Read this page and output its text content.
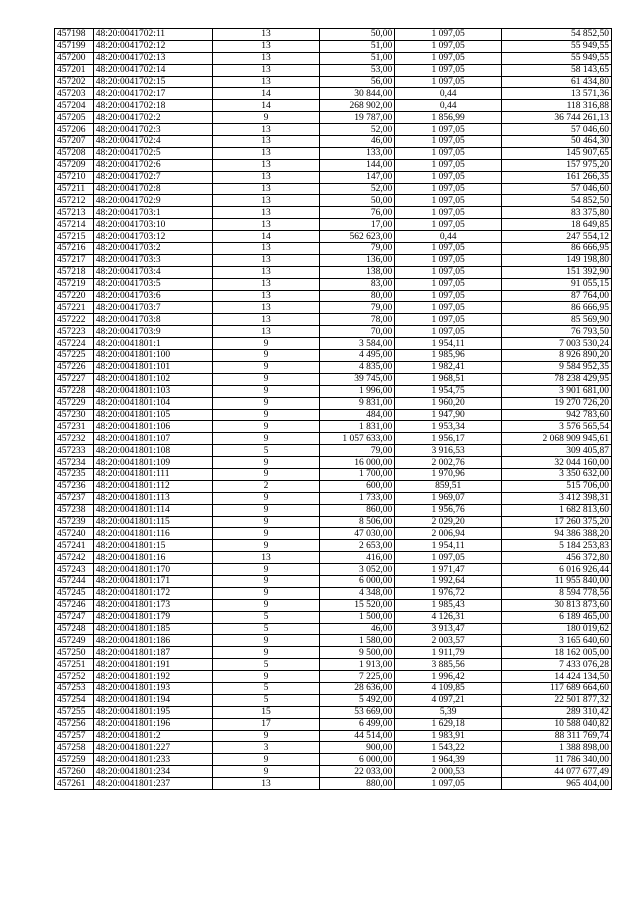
457198	48:20:0041702:11	13	50,00	1 097,05	54 852,50
457199	48:20:0041702:12	13	51,00	1 097,05	55 949,55
457200	48:20:0041702:13	13	51,00	1 097,05	55 949,55
457201	48:20:0041702:14	13	53,00	1 097,05	58 143,65
457202	48:20:0041702:15	13	56,00	1 097,05	61 434,80
457203	48:20:0041702:17	14	30 844,00	0,44	13 571,36
457204	48:20:0041702:18	14	268 902,00	0,44	118 316,88
457205	48:20:0041702:2	9	19 787,00	1 856,99	36 744 261,13
457206	48:20:0041702:3	13	52,00	1 097,05	57 046,60
457207	48:20:0041702:4	13	46,00	1 097,05	50 464,30
457208	48:20:0041702:5	13	133,00	1 097,05	145 907,65
457209	48:20:0041702:6	13	144,00	1 097,05	157 975,20
457210	48:20:0041702:7	13	147,00	1 097,05	161 266,35
457211	48:20:0041702:8	13	52,00	1 097,05	57 046,60
457212	48:20:0041702:9	13	50,00	1 097,05	54 852,50
457213	48:20:0041703:1	13	76,00	1 097,05	83 375,80
457214	48:20:0041703:10	13	17,00	1 097,05	18 649,85
457215	48:20:0041703:12	14	562 623,00	0,44	247 554,12
457216	48:20:0041703:2	13	79,00	1 097,05	86 666,95
457217	48:20:0041703:3	13	136,00	1 097,05	149 198,80
457218	48:20:0041703:4	13	138,00	1 097,05	151 392,90
457219	48:20:0041703:5	13	83,00	1 097,05	91 055,15
457220	48:20:0041703:6	13	80,00	1 097,05	87 764,00
457221	48:20:0041703:7	13	79,00	1 097,05	86 666,95
457222	48:20:0041703:8	13	78,00	1 097,05	85 569,90
457223	48:20:0041703:9	13	70,00	1 097,05	76 793,50
457224	48:20:0041801:1	9	3 584,00	1 954,11	7 003 530,24
457225	48:20:0041801:100	9	4 495,00	1 985,96	8 926 890,20
457226	48:20:0041801:101	9	4 835,00	1 982,41	9 584 952,35
457227	48:20:0041801:102	9	39 745,00	1 968,51	78 238 429,95
457228	48:20:0041801:103	9	1 996,00	1 954,75	3 901 681,00
457229	48:20:0041801:104	9	9 831,00	1 960,20	19 270 726,20
457230	48:20:0041801:105	9	484,00	1 947,90	942 783,60
457231	48:20:0041801:106	9	1 831,00	1 953,34	3 576 565,54
457232	48:20:0041801:107	9	1 057 633,00	1 956,17	2 068 909 945,61
457233	48:20:0041801:108	5	79,00	3 916,53	309 405,87
457234	48:20:0041801:109	9	16 000,00	2 002,76	32 044 160,00
457235	48:20:0041801:111	9	1 700,00	1 970,96	3 350 632,00
457236	48:20:0041801:112	2	600,00	859,51	515 706,00
457237	48:20:0041801:113	9	1 733,00	1 969,07	3 412 398,31
457238	48:20:0041801:114	9	860,00	1 956,76	1 682 813,60
457239	48:20:0041801:115	9	8 506,00	2 029,20	17 260 375,20
457240	48:20:0041801:116	9	47 030,00	2 006,94	94 386 388,20
457241	48:20:0041801:15	9	2 653,00	1 954,11	5 184 253,83
457242	48:20:0041801:16	13	416,00	1 097,05	456 372,80
457243	48:20:0041801:170	9	3 052,00	1 971,47	6 016 926,44
457244	48:20:0041801:171	9	6 000,00	1 992,64	11 955 840,00
457245	48:20:0041801:172	9	4 348,00	1 976,72	8 594 778,56
457246	48:20:0041801:173	9	15 520,00	1 985,43	30 813 873,60
457247	48:20:0041801:179	5	1 500,00	4 126,31	6 189 465,00
457248	48:20:0041801:185	5	46,00	3 913,47	180 019,62
457249	48:20:0041801:186	9	1 580,00	2 003,57	3 165 640,60
457250	48:20:0041801:187	9	9 500,00	1 911,79	18 162 005,00
457251	48:20:0041801:191	5	1 913,00	3 885,56	7 433 076,28
457252	48:20:0041801:192	9	7 225,00	1 996,42	14 424 134,50
457253	48:20:0041801:193	5	28 636,00	4 109,85	117 689 664,60
457254	48:20:0041801:194	5	5 492,00	4 097,21	22 501 877,32
457255	48:20:0041801:195	15	53 669,00	5,39	289 310,42
457256	48:20:0041801:196	17	6 499,00	1 629,18	10 588 040,82
457257	48:20:0041801:2	9	44 514,00	1 983,91	88 311 769,74
457258	48:20:0041801:227	3	900,00	1 543,22	1 388 898,00
457259	48:20:0041801:233	9	6 000,00	1 964,39	11 786 340,00
457260	48:20:0041801:234	9	22 033,00	2 000,53	44 077 677,49
457261	48:20:0041801:237	13	880,00	1 097,05	965 404,00
